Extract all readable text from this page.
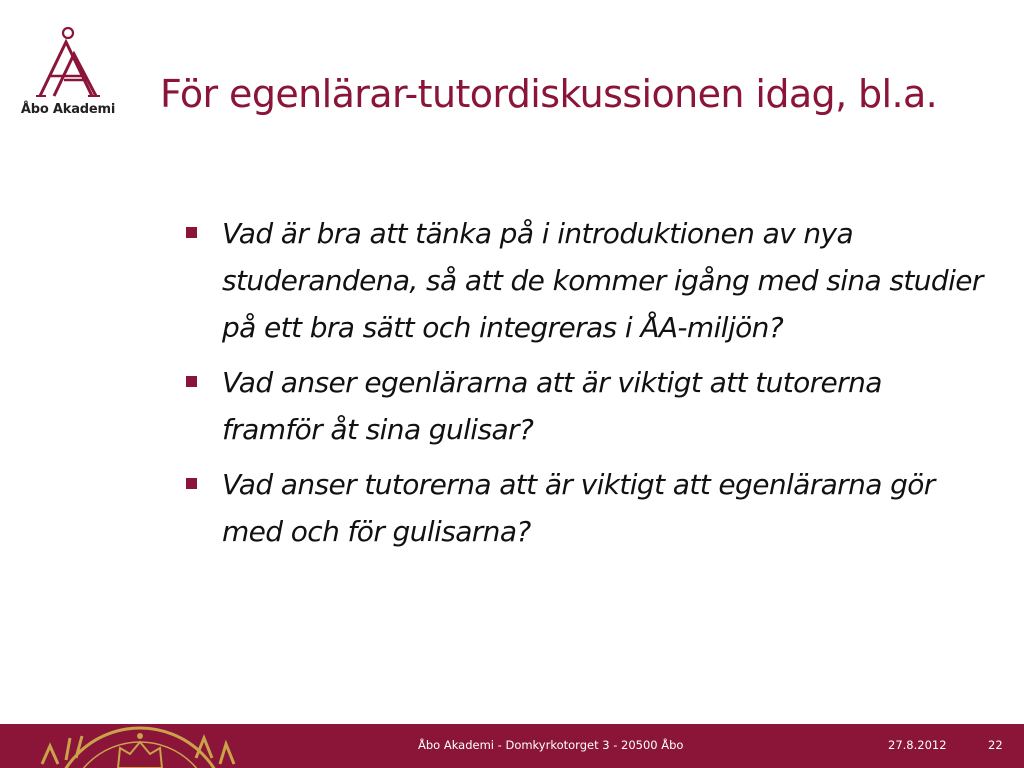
Åbo Akademi För egenlärar-tutordiskussionen idag, bl.a.
Vad är bra att tänka på i introduktionen av nya studerandena, så att de kommer igång med sina studier på ett bra sätt och integreras i ÅA-miljön?
Vad anser egenlärarna att är viktigt att tutorerna framför åt sina gulisar?
Vad anser tutorerna att är viktigt att egenlärarna gör med och för gulisarna?
Åbo Akademi - Domkyrkotorget 3 - 20500 Åbo	27.8.2012	22
